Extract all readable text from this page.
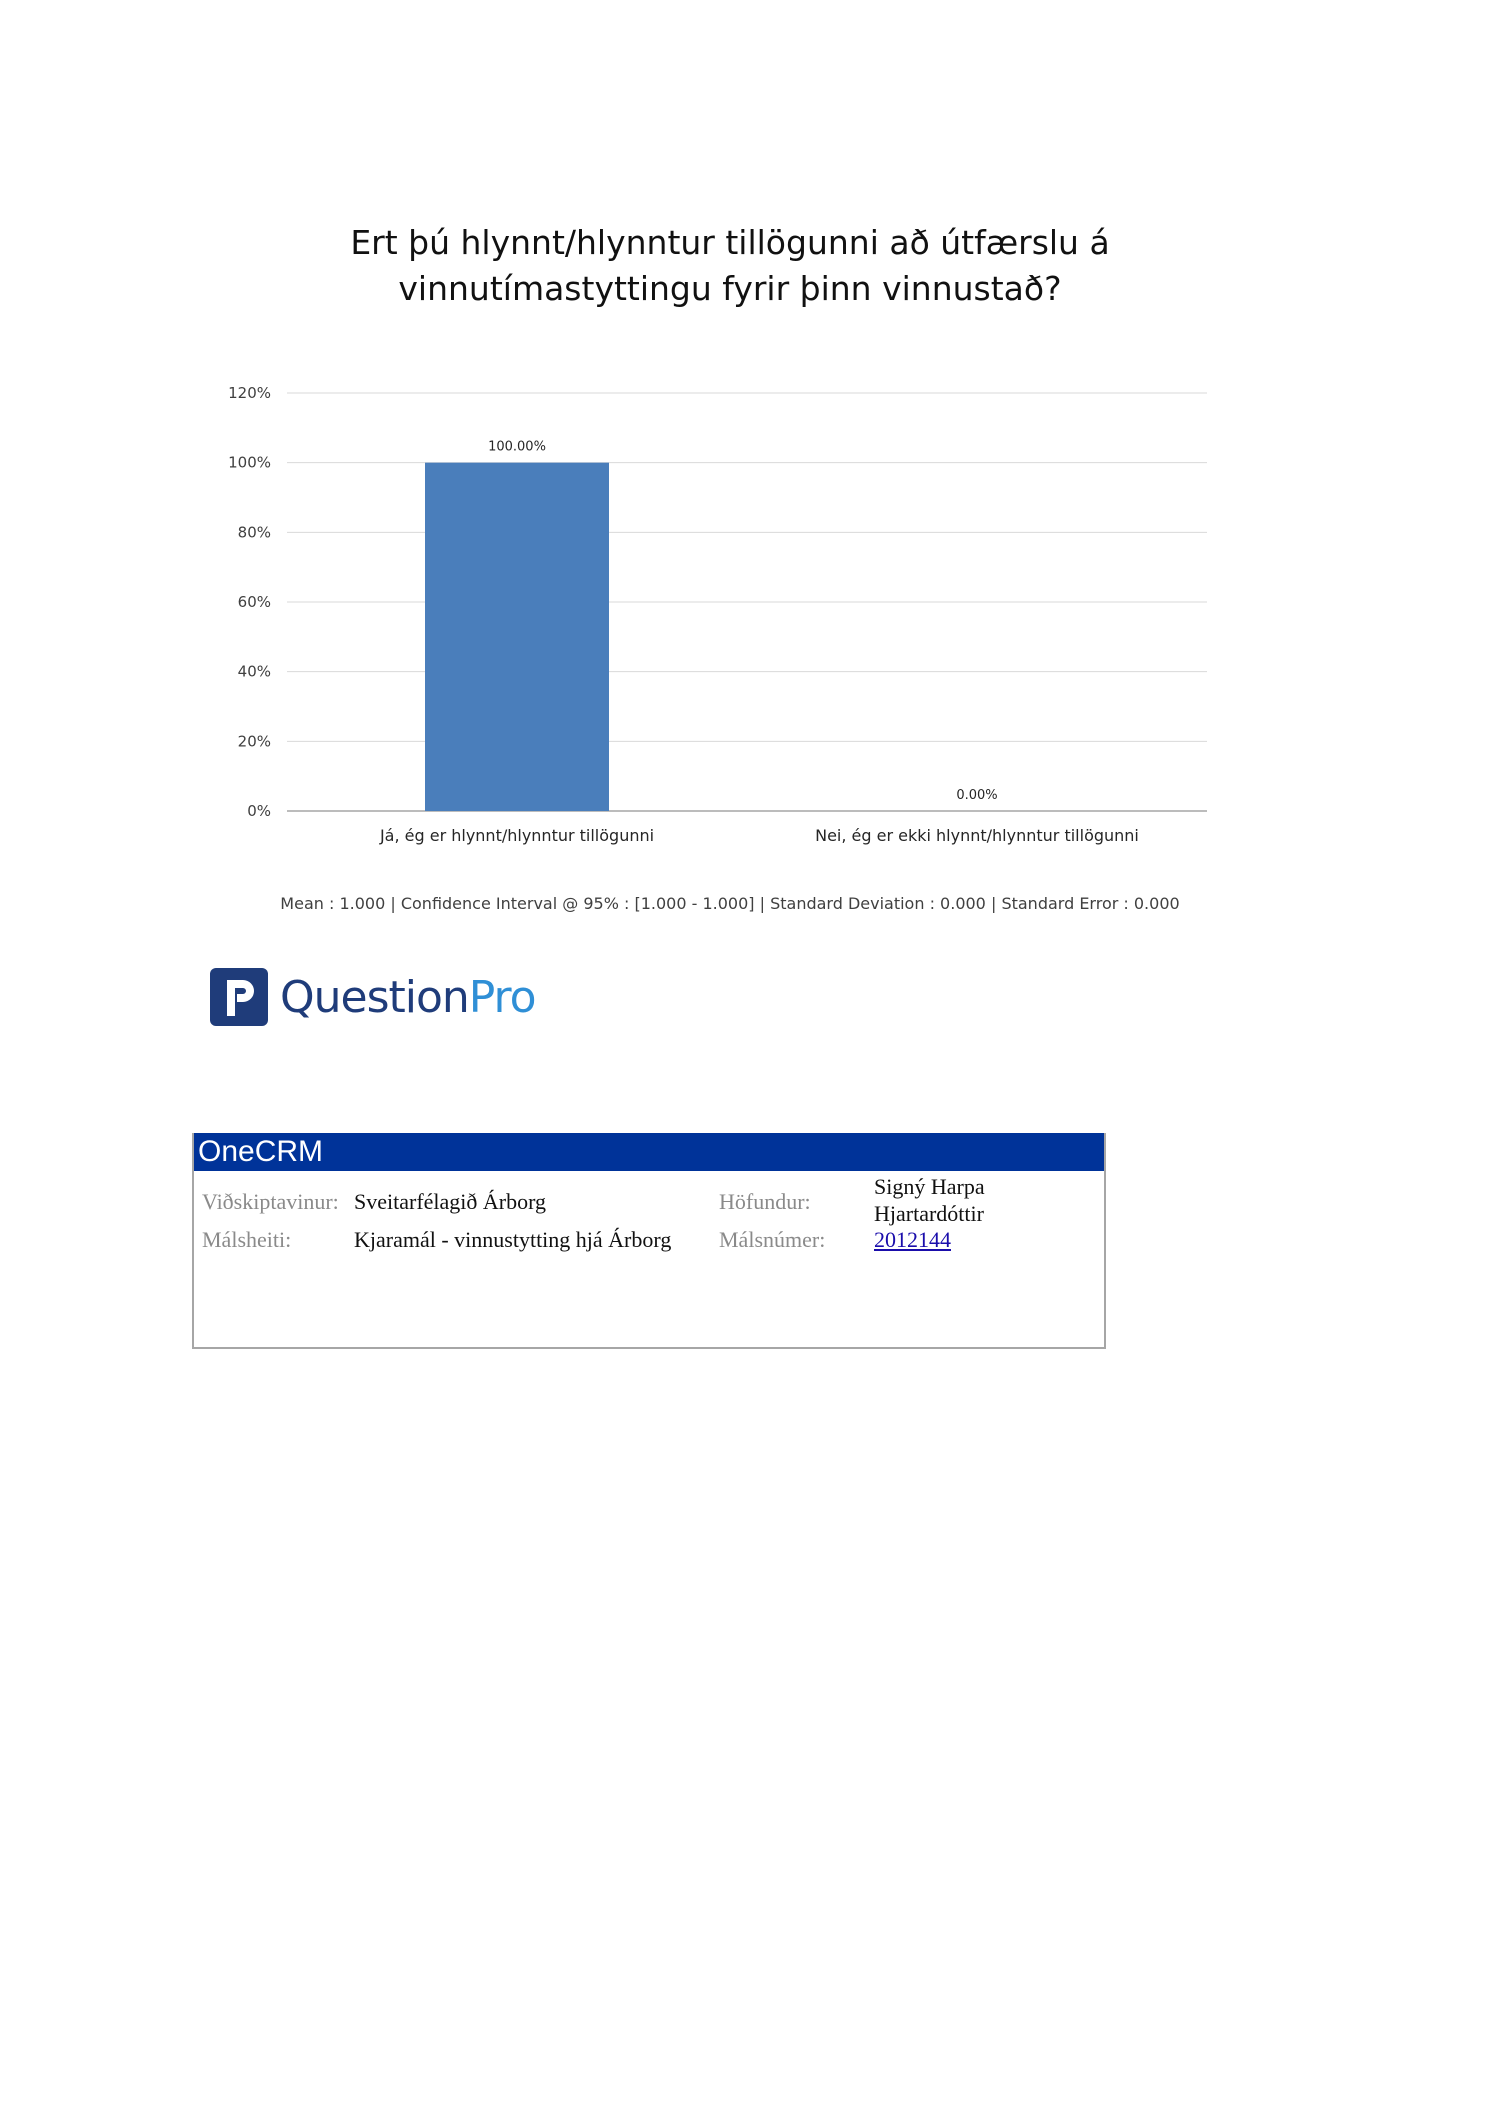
Ert þú hlynnt/hlynntur tillögunni að útfærslu á
vinnutímastyttingu fyrir þinn vinnustað?
0%
20%
40%
60%
80%
100%
120%
100.00%
Já, ég er hlynnt/hlynntur tillögunni
0.00%
Nei, ég er ekki hlynnt/hlynntur tillögunni
Mean : 1.000 | Confidence Interval @ 95% : [1.000 - 1.000] | Standard Deviation : 0.000 | Standard Error : 0.000
QuestionPro
OneCRM
Viðskiptavinur: Sveitarfélagið Árborg	Höfundur:
Signý Harpa
Hjartardóttir
Málsheiti:	Kjaramál - vinnustytting hjá Árborg Málsnúmer: 2012144
